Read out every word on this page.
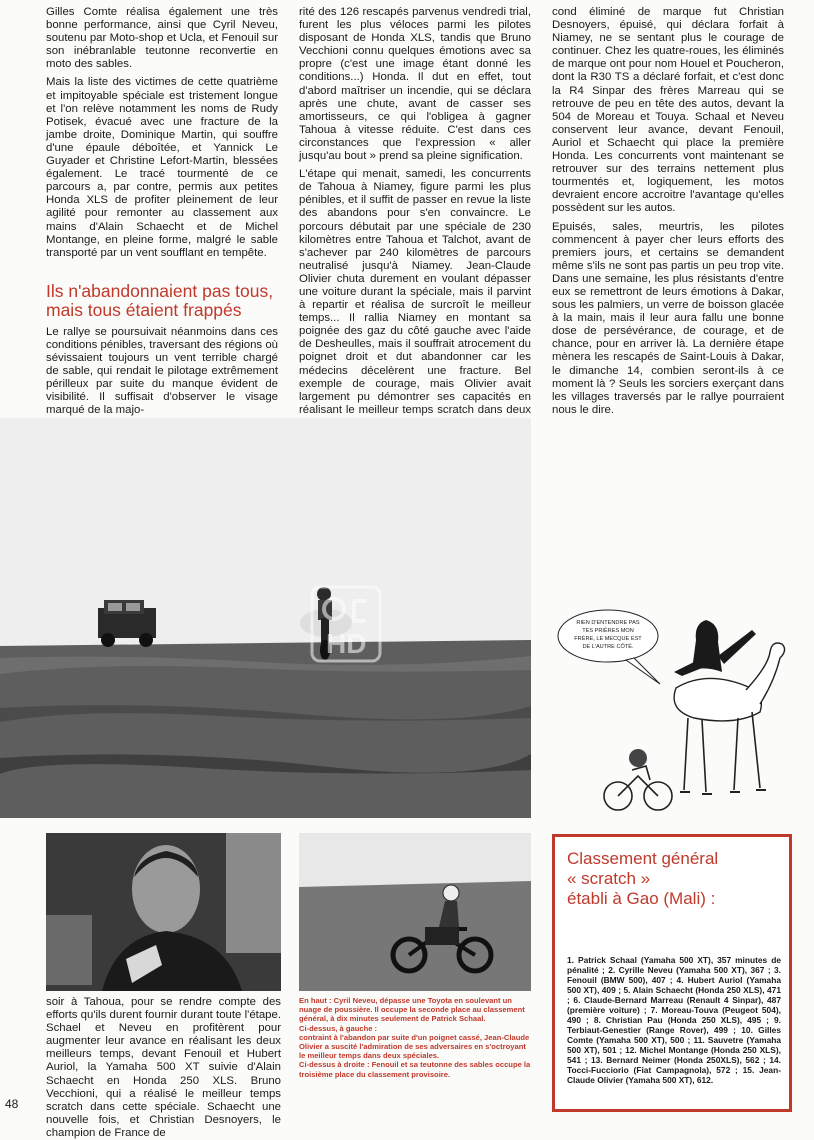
Gilles Comte réalisa également une très bonne performance, ainsi que Cyril Neveu, soutenu par Moto-shop et Ucla, et Fenouil sur son inébranlable teutonne reconvertie en moto des sables.

Mais la liste des victimes de cette quatrième et impitoyable spéciale est tristement longue et l'on relève notamment les noms de Rudy Potisek, évacué avec une fracture de la jambe droite, Dominique Martin, qui souffre d'une épaule déboîtée, et Yannick Le Guyader et Christine Lefort-Martin, blessées également. Le tracé tourmenté de ce parcours a, par contre, permis aux petites Honda XLS de profiter pleinement de leur agilité pour remonter au classement aux mains d'Alain Schaecht et de Michel Montange, en pleine forme, malgré le sable transporté par un vent soufflant en tempête.

Ils n'abandonnaient pas tous, mais tous étaient frappés

Le rallye se poursuivait néanmoins dans ces conditions pénibles, traversant des régions où sévissaient toujours un vent terrible chargé de sable, qui rendait le pilotage extrêmement périlleux par suite du manque évident de visibilité. Il suffisait d'observer le visage marqué de la majo-

rité des 126 rescapés parvenus vendredi trial, furent les plus véloces parmi les pilotes disposant de Honda XLS, tandis que Bruno Vecchioni connu quelques émotions avec sa propre (c'est une image étant donné les conditions...) Honda. Il dut en effet, tout d'abord maîtriser un incendie, qui se déclara après une chute, avant de casser ses amortisseurs, ce qui l'obligea à gagner Tahoua à vitesse réduite. C'est dans ces circonstances que l'expression « aller jusqu'au bout » prend sa pleine signification.

L'étape qui menait, samedi, les concurrents de Tahoua à Niamey, figure parmi les plus pénibles, et il suffit de passer en revue la liste des abandons pour s'en convaincre. Le porcours débutait par une spéciale de 230 kilomètres entre Tahoua et Talchot, avant de s'achever par 240 kilomètres de parcours neutralisé jusqu'à Niamey. Jean-Claude Olivier chuta durement en voulant dépasser une voiture durant la spéciale, mais il parvint à repartir et réalisa de surcroît le meilleur temps... Il rallia Niamey en montant sa poignée des gaz du côté gauche avec l'aide de Desheulles, mais il souffrait atrocement du poignet droit et dut abandonner car les médecins décelèrent une fracture. Bel exemple de courage, mais Olivier avait largement pu démontrer ses capacités en réalisant le meilleur temps scratch dans deux

cond éliminé de marque fut Christian Desnoyers, épuisé, qui déclara forfait à Niamey, ne se sentant plus le courage de continuer. Chez les quatre-roues, les éliminés de marque ont pour nom Houel et Poucheron, dont la R30 TS a déclaré forfait, et c'est donc la R4 Sinpar des frères Marreau qui se retrouve de peu en tête des autos, devant la 504 de Moreau et Touya. Schaal et Neveu conservent leur avance, devant Fenouil, Auriol et Schaecht qui place la première Honda. Les concurrents vont maintenant se retrouver sur des terrains nettement plus tourmentés et, logiquement, les motos devraient encore accroitre l'avantage qu'elles possèdent sur les autos.

Epuisés, sales, meurtris, les pilotes commencent à payer cher leurs efforts des premiers jours, et certains se demandent même s'ils ne sont pas partis un peu trop vite. Dans une semaine, les plus résistants d'entre eux se remettront de leurs émotions à Dakar, sous les palmiers, un verre de boisson glacée à la main, mais il leur aura fallu une bonne dose de persévérance, de courage, et de chance, pour en arriver là. La dernière étape mènera les rescapés de Saint-Louis à Dakar, le dimanche 14, combien seront-ils à ce moment là ? Seuls les sorciers exerçant dans les villages traversés par le rallye pourraient nous le dire.

HD
RIEN D'ENTENDRE PAS
TES PRIÈRES MON
FRÈRE, LE MECQUE EST
DE L'AUTRE CÔTÉ.
Classement général
« scratch »
établi à Gao (Mali) :
1. Patrick Schaal (Yamaha 500 XT), 357 minutes de pénalité ; 2. Cyrille Neveu (Yamaha 500 XT), 367 ; 3. Fenouil (BMW 500), 407 ; 4. Hubert Auriol (Yamaha 500 XT), 409 ; 5. Alain Schaecht (Honda 250 XLS), 471 ; 6. Claude-Bernard Marreau (Renault 4 Sinpar), 487 (première voiture) ; 7. Moreau-Touva (Peugeot 504), 490 ; 8. Christian Pau (Honda 250 XLS), 495 ; 9. Terbiaut-Genestier (Range Rover), 499 ; 10. Gilles Comte (Yamaha 500 XT), 500 ; 11. Sauvetre (Yamaha 500 XT), 501 ; 12. Michel Montange (Honda 250 XLS), 541 ; 13. Bernard Neimer (Honda 250XLS), 562 ; 14. Tocci-Fucciorio (Fiat Campagnola), 572 ; 15. Jean-Claude Olivier (Yamaha 500 XT), 612.
soir à Tahoua, pour se rendre compte des efforts qu'ils durent fournir durant toute l'étape. Schael et Neveu en profitèrent pour augmenter leur avance en réalisant les deux meilleurs temps, devant Fenouil et Hubert Auriol, la Yamaha 500 XT suivie d'Alain Schaecht en Honda 250 XLS. Bruno Vecchioni, qui a réalisé le meilleur temps scratch dans cette spéciale. Schaecht une nouvelle fois, et Christian Desnoyers, le champion de France de
En haut : Cyril Neveu, dépasse une Toyota en soulevant un nuage de poussière. Il occupe la seconde place au classement général, à dix minutes seulement de Patrick Schaal.
Ci-dessus, à gauche :
contraint à l'abandon par suite d'un poignet cassé, Jean-Claude Olivier a suscité l'admiration de ses adversaires en s'octroyant le meilleur temps dans deux spéciales.
Ci-dessus à droite : Fenouil et sa teutonne des sables occupe la troisième place du classement provisoire.
48
